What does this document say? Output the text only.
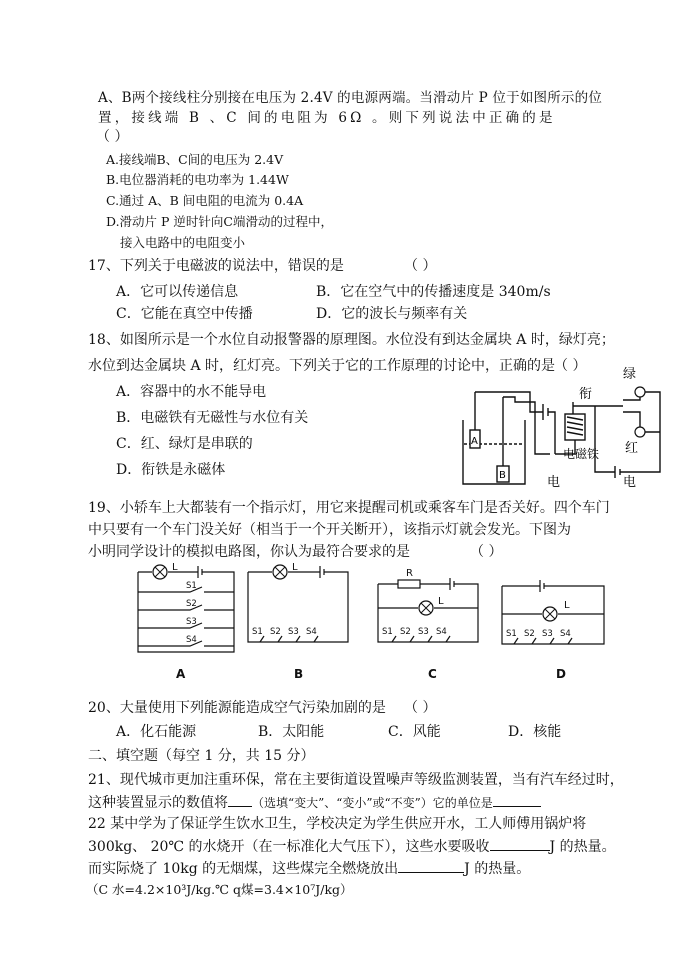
A、B两个接线柱分别接在电压为 2.4V 的电源两端。当滑动片 P 位于如图所示的位
置，接线端 B 、C 间的电阻为 6Ω 。则下列说法中正确的是
（ ）
A.接线端B、C间的电压为 2.4V
B.电位器消耗的电功率为 1.44W
C.通过 A、B 间电阻的电流为 0.4A
D.滑动片 P 逆时针向C端滑动的过程中，
接入电路中的电阻变小
17、下列关于电磁波的说法中，错误的是	（ ）
A．它可以传递信息	B．它在空气中的传播速度是 340m/s
C．它能在真空中传播	D．它的波长与频率有关
18、如图所示是一个水位自动报警器的原理图。水位没有到达金属块 A 时，绿灯亮；
水位到达金属块 A 时，红灯亮。下列关于它的工作原理的讨论中，正确的是
（ ）
A．容器中的水不能导电
B．电磁铁有无磁性与水位有关
C．红、绿灯是串联的
D．衔铁是永磁体
绿
衔
A
B
电磁铁 红
电	电
19、小轿车上大都装有一个指示灯，用它来提醒司机或乘客车门是否关好。四个车门
中只要有一个车门没关好（相当于一个开关断开），该指示灯就会发光。下图为
小明同学设计的模拟电路图，你认为最符合要求的是	（ ）
L	L
L	L
R
S1
S2
S3
S4
S1 S2 S3 S4	S1 S2 S3 S4	S1 S2 S3 S4
A	B	C	D
20、大量使用下列能源能造成空气污染加剧的是 （ ）
A．化石能源	B．太阳能	C．风能	D．核能
二、填空题（每空 1 分，共 15 分）
21、现代城市更加注重环保，常在主要街道设置噪声等级监测装置，当有汽车经过时，
这种装置显示的数值将 （选填“变大”、“变小”或“不变”）它的单位是
22 某中学为了保证学生饮水卫生，学校决定为学生供应开水，工人师傅用锅炉将
300kg、 20℃ 的水烧开（在一标准化大气压下），这些水要吸收	J 的热量。
而实际烧了 10kg 的无烟煤，这些煤完全燃烧放出	J 的热量。
（C 水=4.2×10³J/kg.℃ q煤=3.4×10⁷J/kg）
